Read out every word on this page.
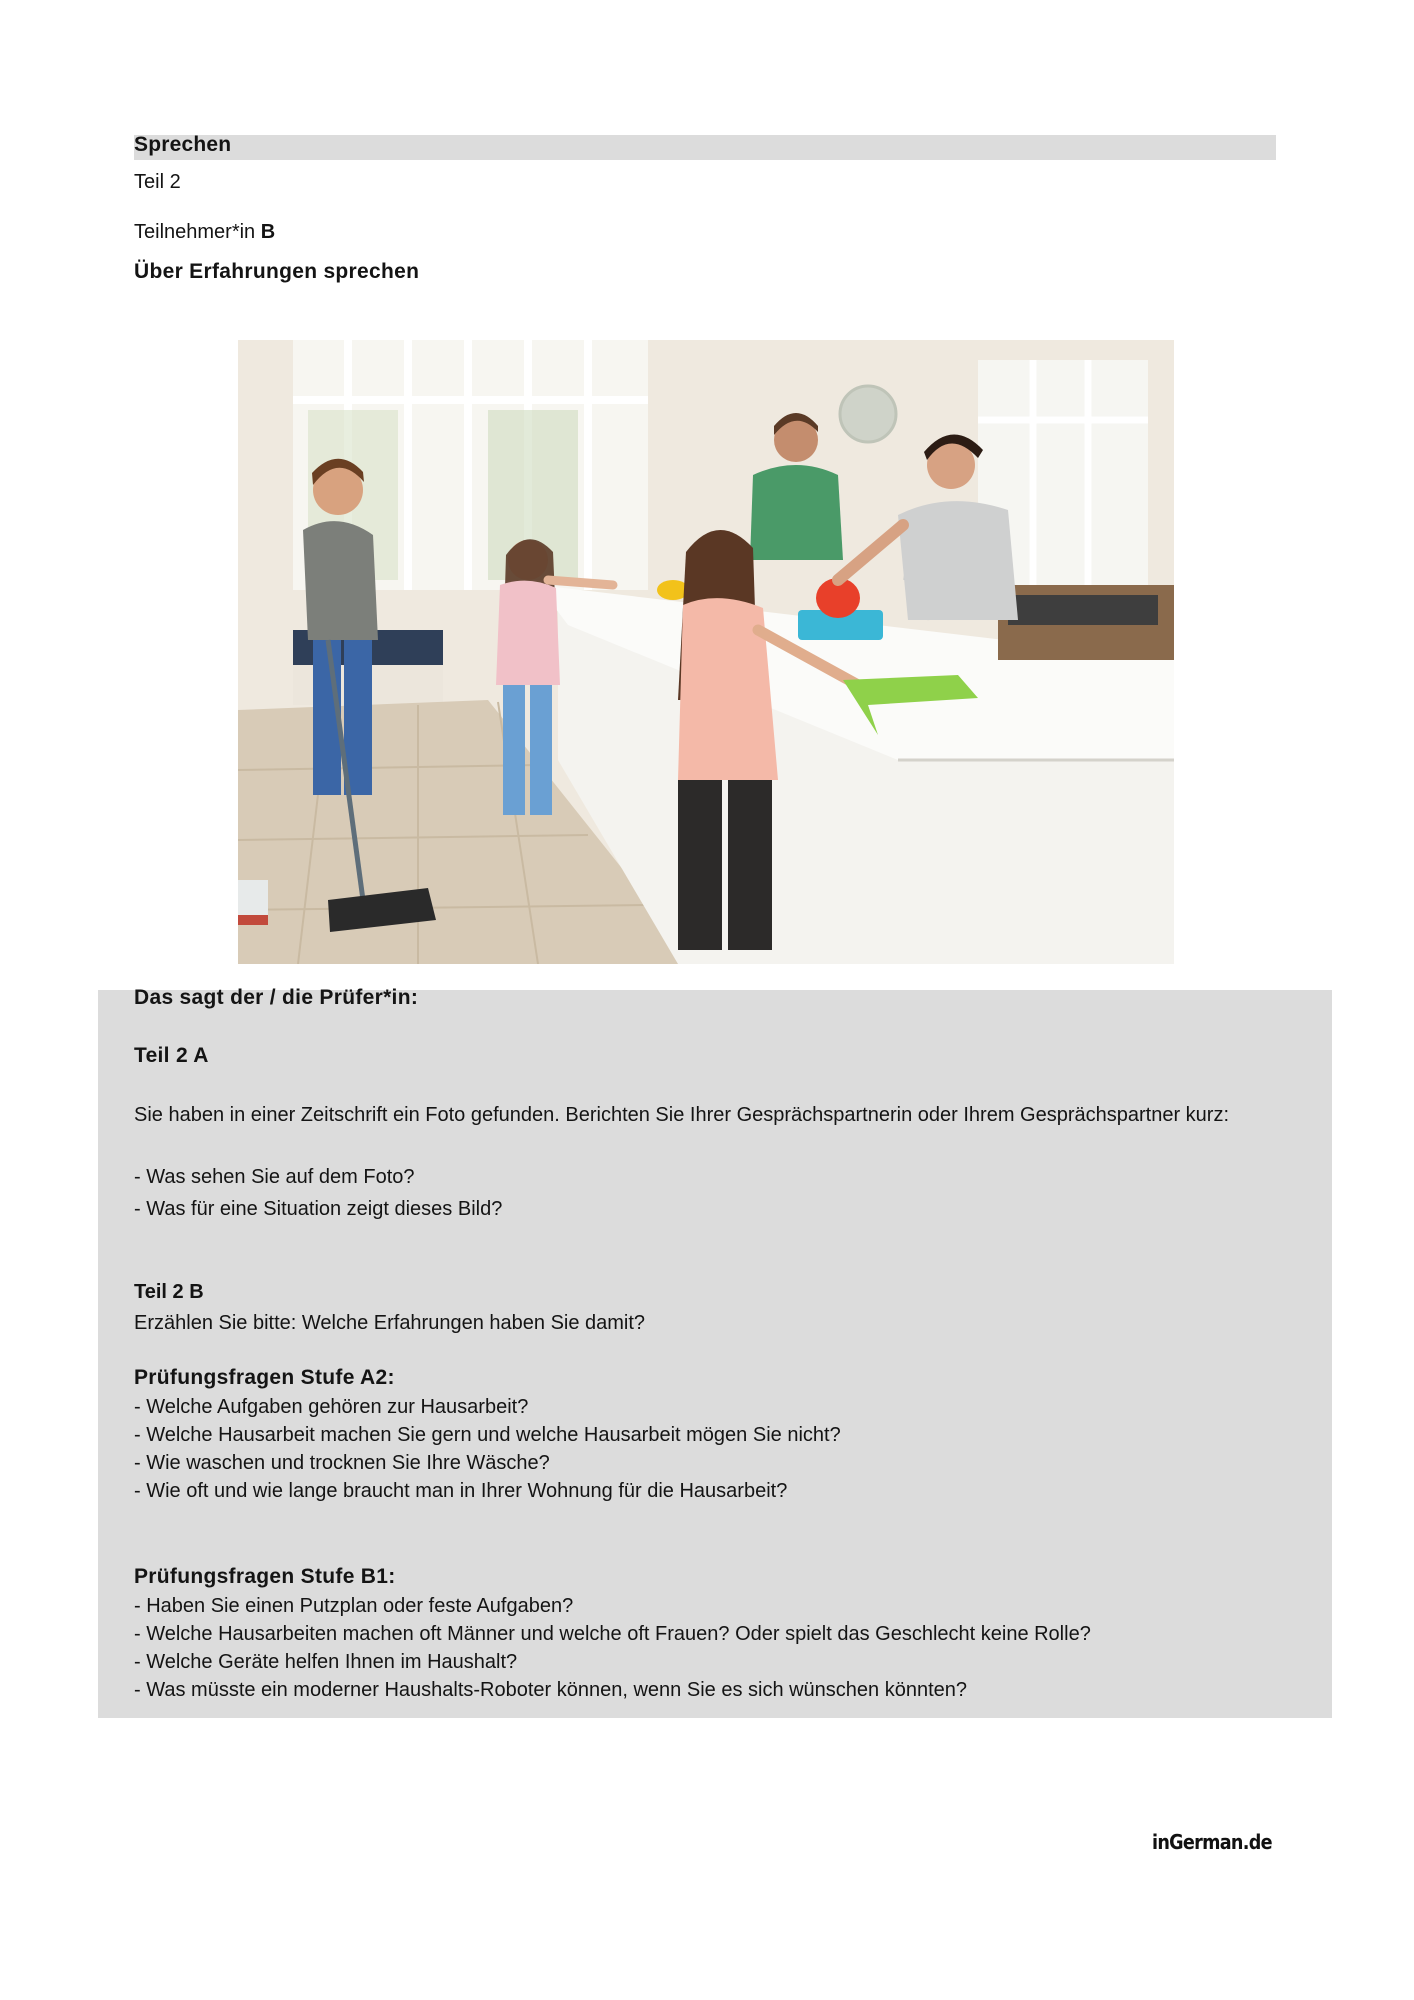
Sprechen
Teil 2
Teilnehmer*in B
Über Erfahrungen sprechen
Das sagt der / die Prüfer*in:
Teil 2 A
Sie haben in einer Zeitschrift ein Foto gefunden. Berichten Sie Ihrer Gesprächspartnerin oder Ihrem Gesprächspartner kurz:
- Was sehen Sie auf dem Foto?
- Was für eine Situation zeigt dieses Bild?
Teil 2 B
Erzählen Sie bitte: Welche Erfahrungen haben Sie damit?
Prüfungsfragen Stufe A2:
- Welche Aufgaben gehören zur Hausarbeit?
- Welche Hausarbeit machen Sie gern und welche Hausarbeit mögen Sie nicht?
- Wie waschen und trocknen Sie Ihre Wäsche?
- Wie oft und wie lange braucht man in Ihrer Wohnung für die Hausarbeit?
Prüfungsfragen Stufe B1:
- Haben Sie einen Putzplan oder feste Aufgaben?
- Welche Hausarbeiten machen oft Männer und welche oft Frauen? Oder spielt das Geschlecht keine Rolle?
- Welche Geräte helfen Ihnen im Haushalt?
- Was müsste ein moderner Haushalts-Roboter können, wenn Sie es sich wünschen könnten?
inGerman.de
